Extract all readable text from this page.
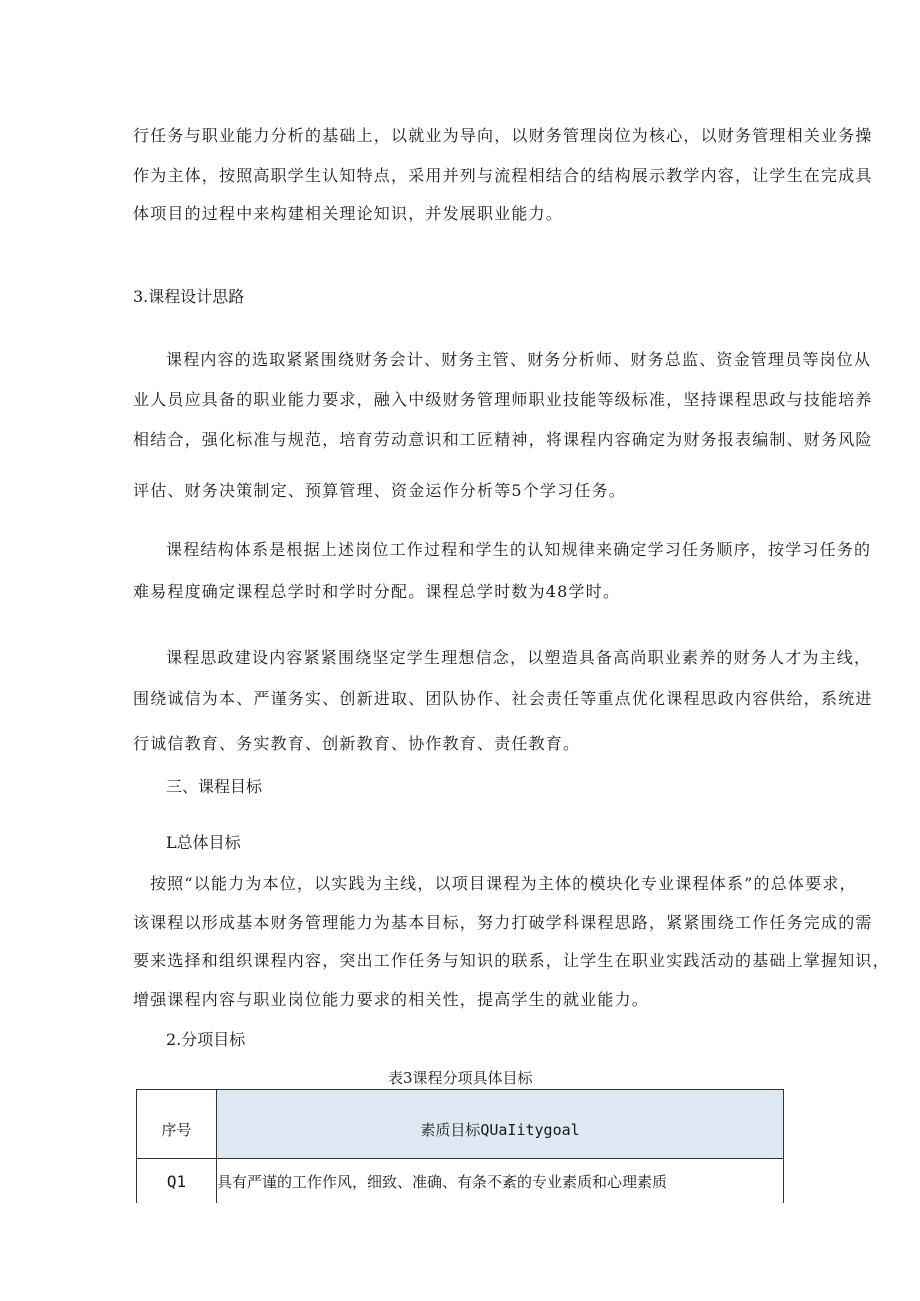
行任务与职业能力分析的基础上，以就业为导向，以财务管理岗位为核心，以财务管理相关业务操
作为主体，按照高职学生认知特点，采用并列与流程相结合的结构展示教学内容，让学生在完成具
体项目的过程中来构建相关理论知识，并发展职业能力。
3.课程设计思路
课程内容的选取紧紧围绕财务会计、财务主管、财务分析师、财务总监、资金管理员等岗位从
业人员应具备的职业能力要求，融入中级财务管理师职业技能等级标准，坚持课程思政与技能培养
相结合，强化标准与规范，培育劳动意识和工匠精神，将课程内容确定为财务报表编制、财务风险
评估、财务决策制定、预算管理、资金运作分析等5个学习任务。
课程结构体系是根据上述岗位工作过程和学生的认知规律来确定学习任务顺序，按学习任务的
难易程度确定课程总学时和学时分配。课程总学时数为48学时。
课程思政建设内容紧紧围绕坚定学生理想信念，以塑造具备高尚职业素养的财务人才为主线，
围绕诚信为本、严谨务实、创新进取、团队协作、社会责任等重点优化课程思政内容供给，系统进
行诚信教育、务实教育、创新教育、协作教育、责任教育。
三、课程目标
L总体目标
按照“以能力为本位，以实践为主线，以项目课程为主体的模块化专业课程体系”的总体要求，
该课程以形成基本财务管理能力为基本目标，努力打破学科课程思路，紧紧围绕工作任务完成的需
要来选择和组织课程内容，突出工作任务与知识的联系，让学生在职业实践活动的基础上掌握知识，
增强课程内容与职业岗位能力要求的相关性，提高学生的就业能力。
2.分项目标
表3课程分项具体目标
序号	素质目标QUaIitygoal
Q1	具有严谨的工作作风，细致、准确、有条不紊的专业素质和心理素质
